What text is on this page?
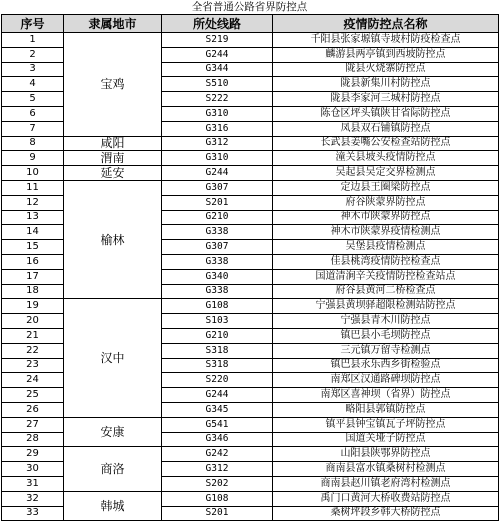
全省普通公路省界防控点
序号	隶属地市	所处线路	疫情防控点名称
1	宝鸡	S219	千阳县张家塬镇寺坡村防疫检查点
2		G244	麟游县两亭镇到西坡防控点
3		G344	陇县火烧寨防控点
4		S510	陇县新集川村防控点
5		S222	陇县李家河三城村防控点
6		G310	陈仓区坪头镇陕甘省际防控点
7		G316	凤县双石铺镇防控点
8	咸阳	G312	长武县姜嘴公安检查站防控点
9	渭南	G310	潼关县坡头疫情防控点
10	延安	G244	吴起县吴定交界检测点
11	榆林	G307	定边县王圈梁防控点
12		S201	府谷陕蒙界防控点
13		G210	神木市陕蒙界防控点
14		G338	神木市陕蒙界疫情检测点
15		G307	吴堡县疫情检测点
16		G338	佳县桃湾疫情防控检查点
17		G340	国道清涧辛关疫情防控检查站点
18		G338	府谷县黄河二桥检查点
19	汉中	G108	宁强县黄坝驿超限检测站防控点
20		S103	宁强县青木川防控点
21		G210	镇巴县小毛坝防控点
22		S318	三元镇万留寺检测点
23		S318	镇巴县永乐西乡街检验点
24		S220	南郑区汉通路碑坝防控点
25		G244	南郑区喜神坝（省界）防控点
26		G345	略阳县郭镇防控点
27	安康	G541	镇平县钟宝镇瓦子坪防控点
28		G346	国道关垭子防控点
29	商洛	G242	山阳县陕鄂界防控点
30		G312	商南县富水镇桑树村检测点
31		S202	商南县赵川镇老府湾村检测点
32	韩城	G108	禹门口黄河大桥收费站防控点
33		S201	桑树坪段乡韩大桥防控点
